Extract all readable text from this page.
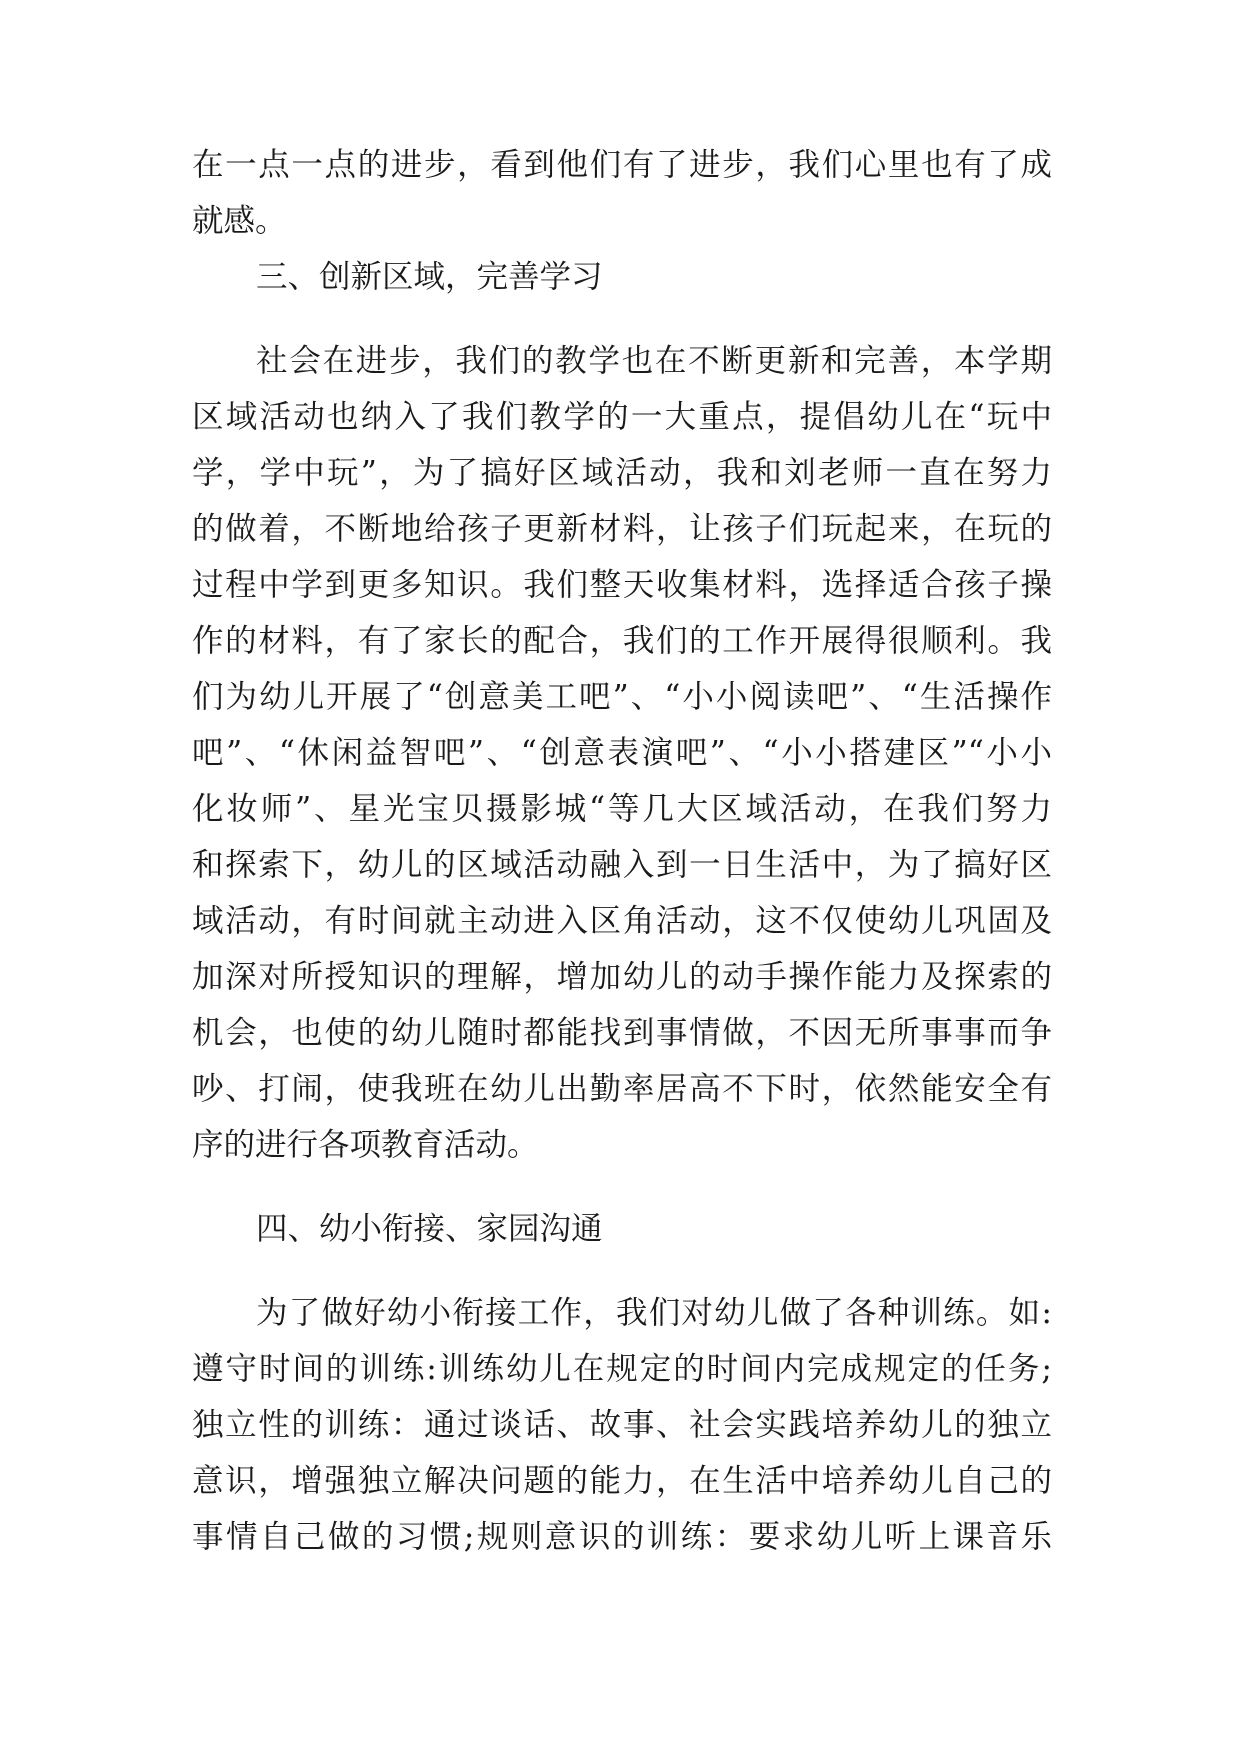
在一点一点的进步，看到他们有了进步，我们心里也有了成
就感。
三、创新区域，完善学习
社会在进步，我们的教学也在不断更新和完善，本学期
区域活动也纳入了我们教学的一大重点，提倡幼儿在“玩中
学，学中玩”，为了搞好区域活动，我和刘老师一直在努力
的做着，不断地给孩子更新材料，让孩子们玩起来，在玩的
过程中学到更多知识。我们整天收集材料，选择适合孩子操
作的材料，有了家长的配合，我们的工作开展得很顺利。我
们为幼儿开展了“创意美工吧”、“小小阅读吧”、“生活操作
吧”、“休闲益智吧”、“创意表演吧”、“小小搭建区”“小小
化妆师”、星光宝贝摄影城“等几大区域活动，在我们努力
和探索下，幼儿的区域活动融入到一日生活中，为了搞好区
域活动，有时间就主动进入区角活动，这不仅使幼儿巩固及
加深对所授知识的理解，增加幼儿的动手操作能力及探索的
机会，也使的幼儿随时都能找到事情做，不因无所事事而争
吵、打闹，使我班在幼儿出勤率居高不下时，依然能安全有
序的进行各项教育活动。
四、幼小衔接、家园沟通
为了做好幼小衔接工作，我们对幼儿做了各种训练。如:
遵守时间的训练:训练幼儿在规定的时间内完成规定的任务;
独立性的训练：通过谈话、故事、社会实践培养幼儿的独立
意识，增强独立解决问题的能力，在生活中培养幼儿自己的
事情自己做的习惯;规则意识的训练：要求幼儿听上课音乐
